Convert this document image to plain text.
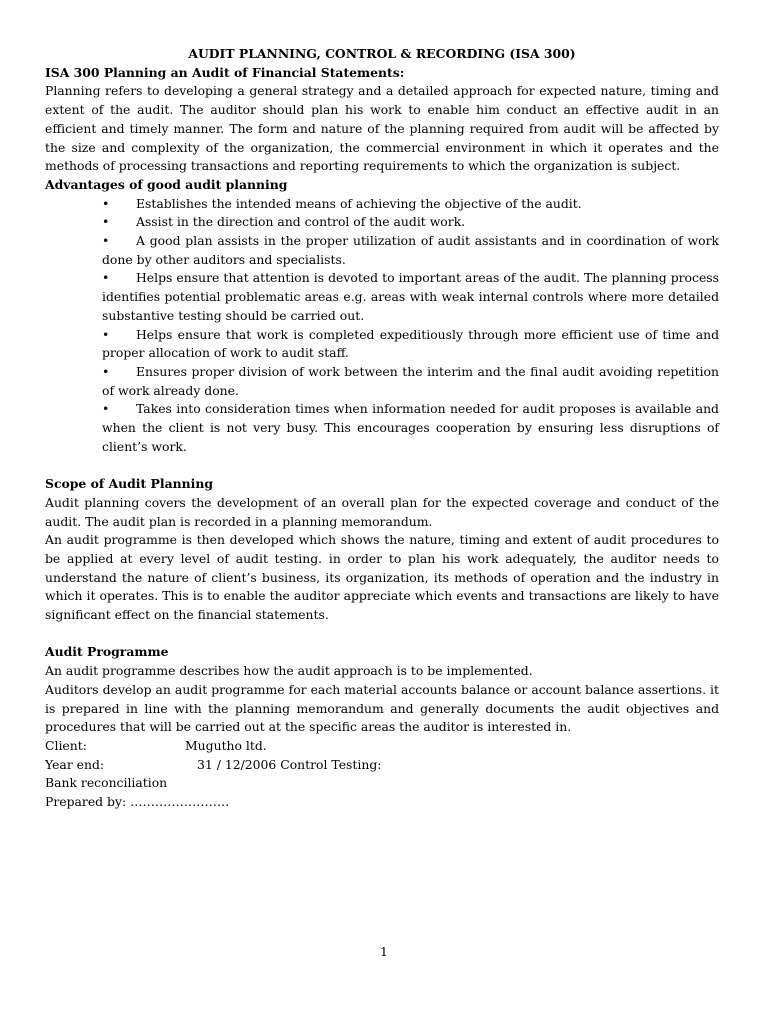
AUDIT PLANNING, CONTROL & RECORDING (ISA 300)

ISA 300 Planning an Audit of Financial Statements:

Planning refers to developing a general strategy and a detailed approach for expected nature, timing and extent of the audit. The auditor should plan his work to enable him conduct an effective audit in an efficient and timely manner. The form and nature of the planning required from audit will be affected by the size and complexity of the organization, the commercial environment in which it operates and the methods of processing transactions and reporting requirements to which the organization is subject.

Advantages of good audit planning

• Establishes the intended means of achieving the objective of the audit.
• Assist in the direction and control of the audit work.
• A good plan assists in the proper utilization of audit assistants and in coordination of work done by other auditors and specialists.
• Helps ensure that attention is devoted to important areas of the audit. The planning process identifies potential problematic areas e.g. areas with weak internal controls where more detailed substantive testing should be carried out.
• Helps ensure that work is completed expeditiously through more efficient use of time and proper allocation of work to audit staff.
• Ensures proper division of work between the interim and the final audit avoiding repetition of work already done.
• Takes into consideration times when information needed for audit proposes is available and when the client is not very busy. This encourages cooperation by ensuring less disruptions of client’s work.

Scope of Audit Planning

Audit planning covers the development of an overall plan for the expected coverage and conduct of the audit. The audit plan is recorded in a planning memorandum.

An audit programme is then developed which shows the nature, timing and extent of audit procedures to be applied at every level of audit testing. in order to plan his work adequately, the auditor needs to understand the nature of client’s business, its organization, its methods of operation and the industry in which it operates. This is to enable the auditor appreciate which events and transactions are likely to have significant effect on the financial statements.

Audit Programme

An audit programme describes how the audit approach is to be implemented.

Auditors develop an audit programme for each material accounts balance or account balance assertions. it is prepared in line with the planning memorandum and generally documents the audit objectives and procedures that will be carried out at the specific areas the auditor is interested in.

Client:	Mugutho ltd.

Year end:	31 / 12/2006 Control Testing:

Bank reconciliation

Prepared by: ……………………

1
